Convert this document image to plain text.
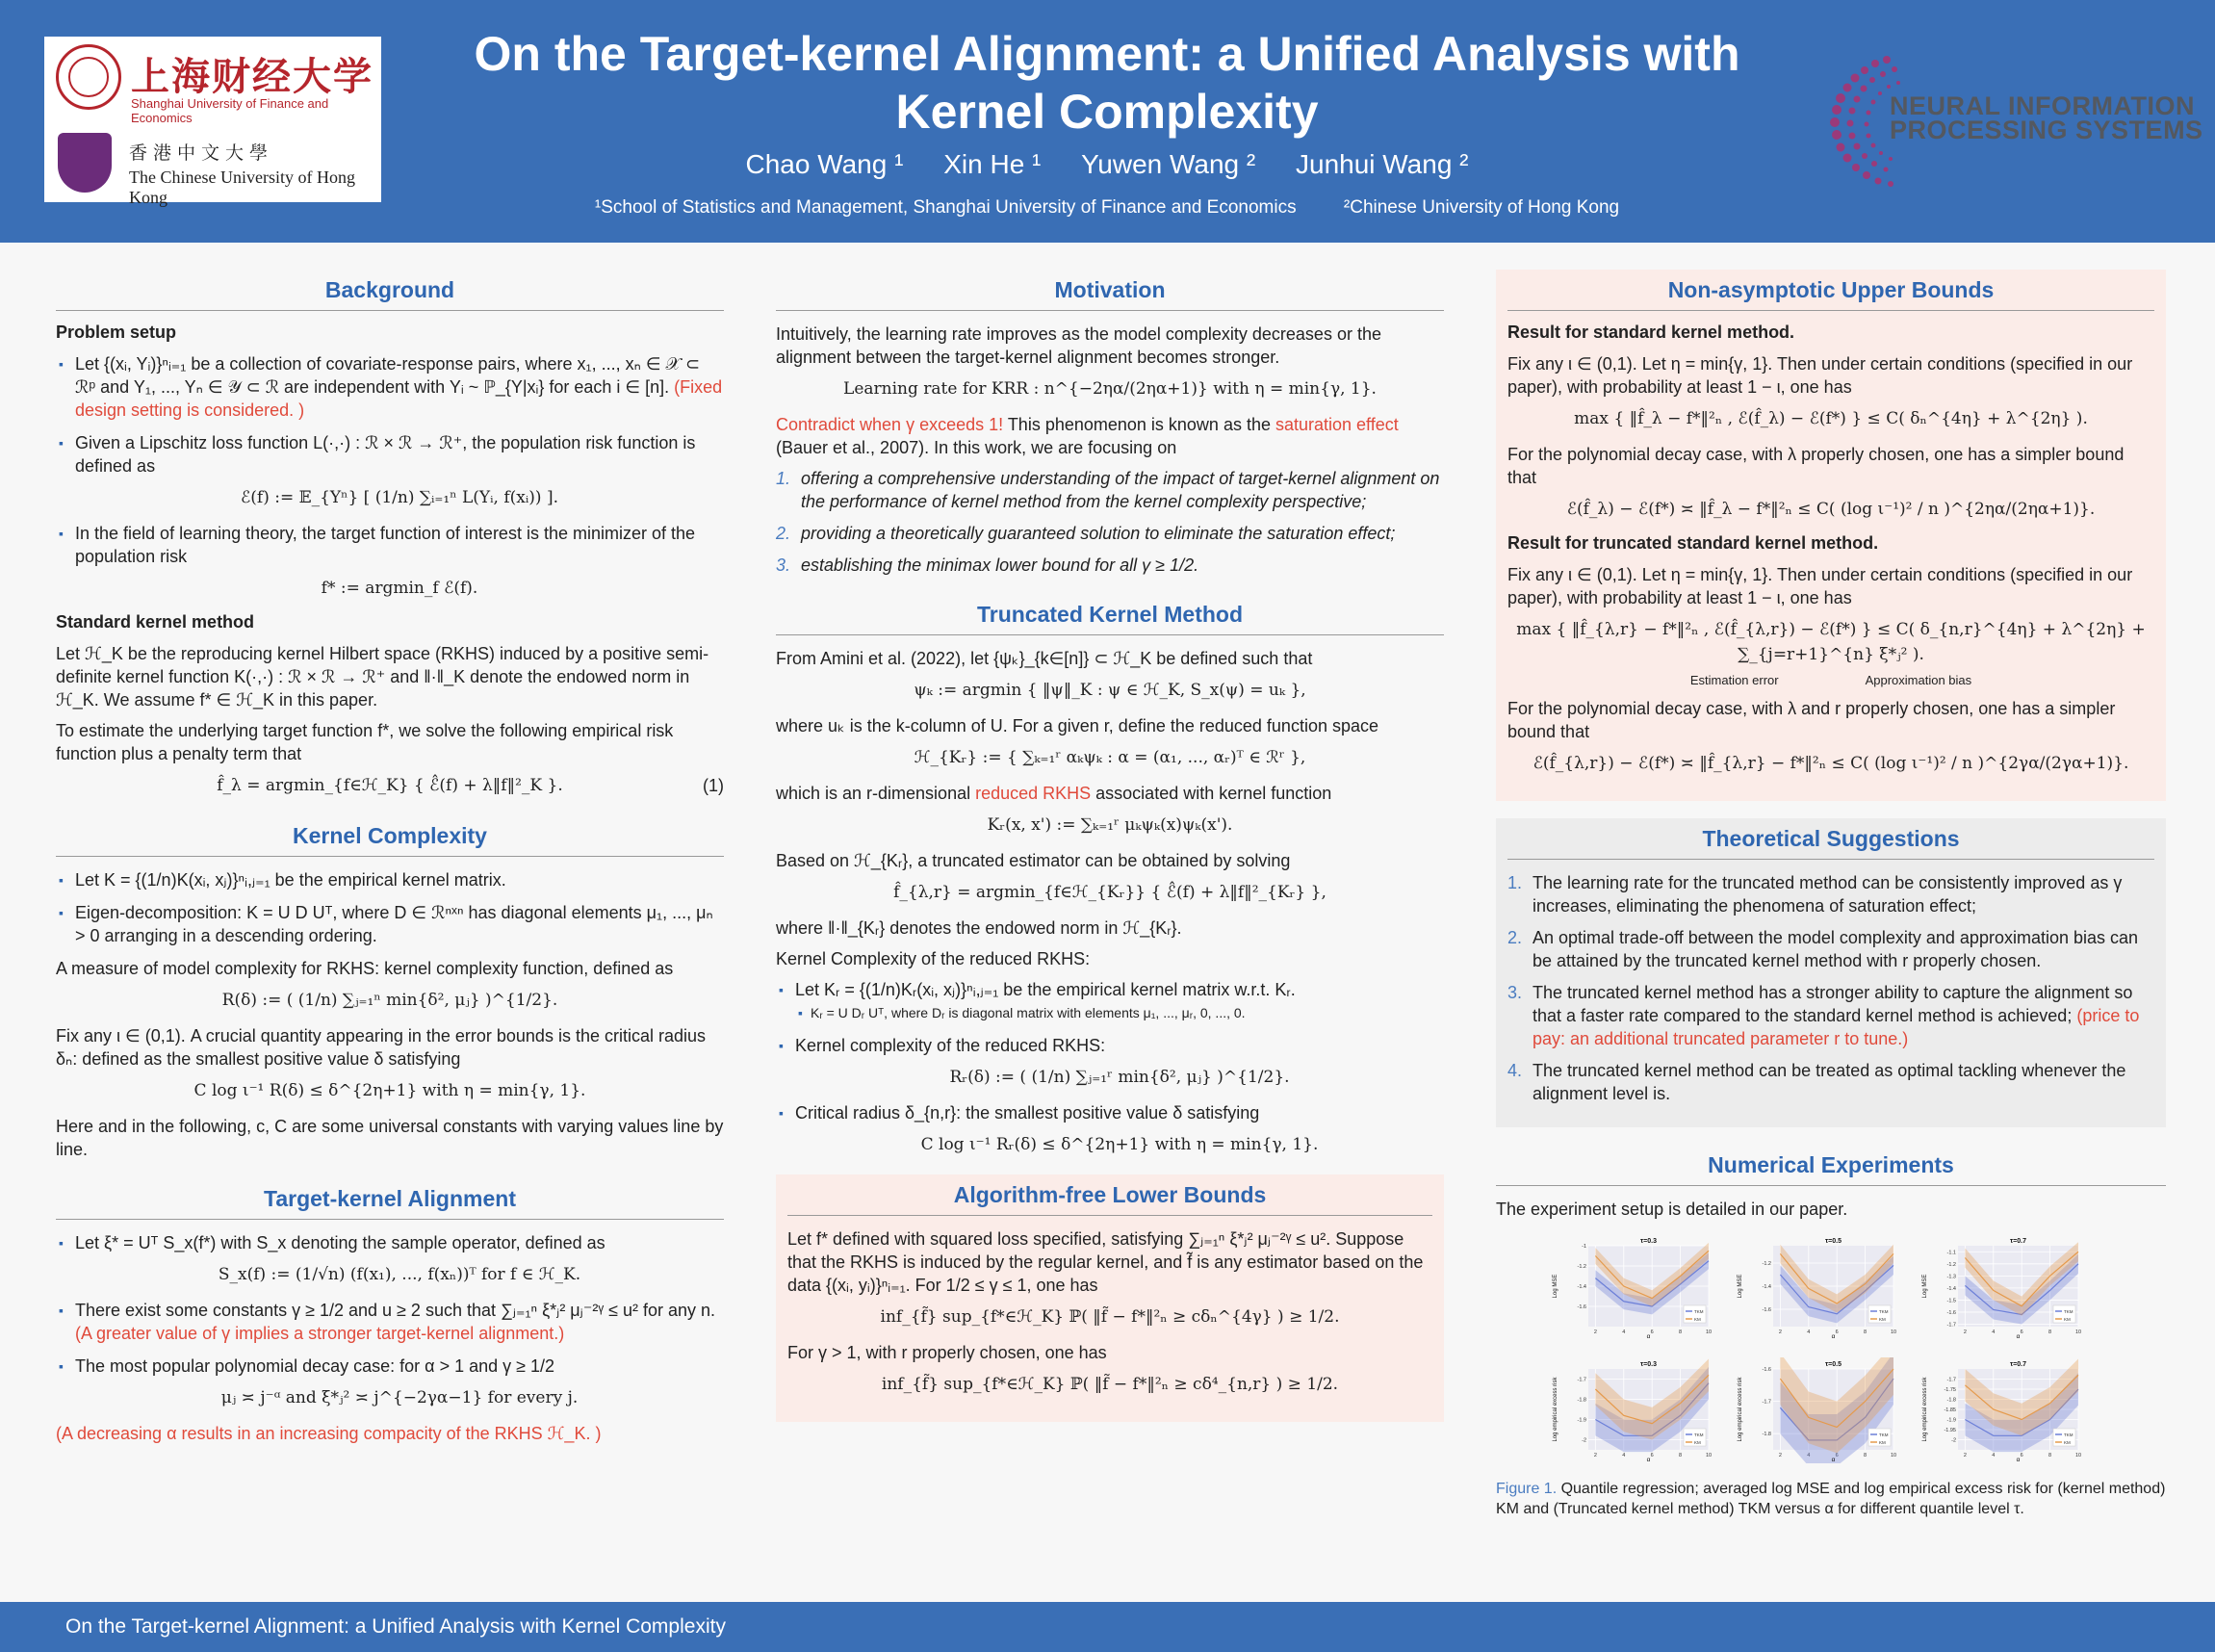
上海财经大学
Shanghai University of Finance and Economics
香港中文大學
The Chinese University of Hong Kong
On the Target-kernel Alignment: a Unified Analysis with
Kernel Complexity
Chao Wang ¹ Xin He ¹ Yuwen Wang ² Junhui Wang ²
¹School of Statistics and Management, Shanghai University of Finance and Economics	²Chinese University of Hong Kong
NEURAL INFORMATION
PROCESSING SYSTEMS
Background
Problem setup
▪ Let {(xᵢ, Yᵢ)}ⁿᵢ₌₁ be a collection of covariate-response pairs, where x₁, ..., xₙ ∈ 𝒳 ⊂ ℛᵖ and Y₁, ..., Yₙ ∈ 𝒴 ⊂ ℛ are independent with Yᵢ ~ ℙ_{Y|xᵢ} for each i ∈ [n]. (Fixed design setting is considered. )
▪ Given a Lipschitz loss function L(·,·) : ℛ × ℛ → ℛ⁺, the population risk function is defined as
ℰ(f) := 𝔼_{Yⁿ} [ (1/n) ∑ᵢ₌₁ⁿ L(Yᵢ, f(xᵢ)) ].
▪ In the field of learning theory, the target function of interest is the minimizer of the population risk
f* := argmin_f ℰ(f).
Standard kernel method

Let ℋ_K be the reproducing kernel Hilbert space (RKHS) induced by a positive semi-definite kernel function K(·,·) : ℛ × ℛ → ℛ⁺ and ‖·‖_K denote the endowed norm in ℋ_K. We assume f* ∈ ℋ_K in this paper.

To estimate the underlying target function f*, we solve the following empirical risk function plus a penalty term that

f̂_λ = argmin_{f∈ℋ_K} { ℰ̂(f) + λ‖f‖²_K }.	(1)
Kernel Complexity
▪ Let K = {(1/n)K(xᵢ, xⱼ)}ⁿᵢ,ⱼ₌₁ be the empirical kernel matrix.
▪ Eigen-decomposition: K = U D Uᵀ, where D ∈ ℛⁿˣⁿ has diagonal elements μ₁, ..., μₙ > 0 arranging in a descending ordering.

A measure of model complexity for RKHS: kernel complexity function, defined as

R(δ) := ( (1/n) ∑ⱼ₌₁ⁿ min{δ², μⱼ} )^{1/2}.

Fix any ι ∈ (0,1). A crucial quantity appearing in the error bounds is the critical radius δₙ: defined as the smallest positive value δ satisfying

C log ι⁻¹ R(δ) ≤ δ^{2η+1} with η = min{γ, 1}.

Here and in the following, c, C are some universal constants with varying values line by line.

Target-kernel Alignment
▪ Let ξ* = Uᵀ S_x(f*) with S_x denoting the sample operator, defined as
S_x(f) := (1/√n) (f(x₁), ..., f(xₙ))ᵀ for f ∈ ℋ_K.
▪ There exist some constants γ ≥ 1/2 and u ≥ 2 such that ∑ⱼ₌₁ⁿ ξ*ⱼ² μⱼ⁻²ᵞ ≤ u² for any n. (A greater value of γ implies a stronger target-kernel alignment.)
▪ The most popular polynomial decay case: for α > 1 and γ ≥ 1/2
μⱼ ≍ j⁻ᵅ and ξ*ⱼ² ≍ j^{−2γα−1} for every j.

(A decreasing α results in an increasing compacity of the RKHS ℋ_K. )

Motivation

Intuitively, the learning rate improves as the model complexity decreases or the alignment between the target-kernel alignment becomes stronger.

Learning rate for KRR : n^{−2ηα/(2ηα+1)} with η = min{γ, 1}.

Contradict when γ exceeds 1! This phenomenon is known as the saturation effect (Bauer et al., 2007). In this work, we are focusing on

1. offering a comprehensive understanding of the impact of target-kernel alignment on the performance of kernel method from the kernel complexity perspective;
2. providing a theoretically guaranteed solution to eliminate the saturation effect;
3. establishing the minimax lower bound for all γ ≥ 1/2.
Truncated Kernel Method

From Amini et al. (2022), let {ψₖ}_{k∈[n]} ⊂ ℋ_K be defined such that

ψₖ := argmin { ‖ψ‖_K : ψ ∈ ℋ_K, S_x(ψ) = uₖ },

where uₖ is the k-column of U. For a given r, define the reduced function space

ℋ_{Kᵣ} := { ∑ₖ₌₁ʳ αₖψₖ : α = (α₁, ..., αᵣ)ᵀ ∈ ℛʳ },

which is an r-dimensional reduced RKHS associated with kernel function

Kᵣ(x, x') := ∑ₖ₌₁ʳ μₖψₖ(x)ψₖ(x').

Based on ℋ_{Kᵣ}, a truncated estimator can be obtained by solving

f̂_{λ,r} = argmin_{f∈ℋ_{Kᵣ}} { ℰ̂(f) + λ‖f‖²_{Kᵣ} },

where ‖·‖_{Kᵣ} denotes the endowed norm in ℋ_{Kᵣ}.

Kernel Complexity of the reduced RKHS:

▪ Let Kᵣ = {(1/n)Kᵣ(xᵢ, xⱼ)}ⁿᵢ,ⱼ₌₁ be the empirical kernel matrix w.r.t. Kᵣ.
▪ Kᵣ = U Dᵣ Uᵀ, where Dᵣ is diagonal matrix with elements μ₁, ..., μᵣ, 0, ..., 0.
▪ Kernel complexity of the reduced RKHS:
Rᵣ(δ) := ( (1/n) ∑ⱼ₌₁ʳ min{δ², μⱼ} )^{1/2}.
▪ Critical radius δ_{n,r}: the smallest positive value δ satisfying
C log ι⁻¹ Rᵣ(δ) ≤ δ^{2η+1} with η = min{γ, 1}.
Algorithm-free Lower Bounds

Let f* defined with squared loss specified, satisfying ∑ⱼ₌₁ⁿ ξ*ⱼ² μⱼ⁻²ᵞ ≤ u². Suppose that the RKHS is induced by the regular kernel, and f̃ is any estimator based on the data {(xᵢ, yᵢ)}ⁿᵢ₌₁. For 1/2 ≤ γ ≤ 1, one has

inf_{f̃} sup_{f*∈ℋ_K} ℙ( ‖f̃ − f*‖²ₙ ≥ cδₙ^{4γ} ) ≥ 1/2.

For γ > 1, with r properly chosen, one has

inf_{f̃} sup_{f*∈ℋ_K} ℙ( ‖f̃ − f*‖²ₙ ≥ cδ⁴_{n,r} ) ≥ 1/2.
Non-asymptotic Upper Bounds
Result for standard kernel method.

Fix any ι ∈ (0,1). Let η = min{γ, 1}. Then under certain conditions (specified in our paper), with probability at least 1 − ι, one has

max { ‖f̂_λ − f*‖²ₙ , ℰ(f̂_λ) − ℰ(f*) } ≤ C( δₙ^{4η} + λ^{2η} ).

For the polynomial decay case, with λ properly chosen, one has a simpler bound that

ℰ(f̂_λ) − ℰ(f*) ≍ ‖f̂_λ − f*‖²ₙ ≤ C( (log ι⁻¹)² / n )^{2ηα/(2ηα+1)}.
Result for truncated standard kernel method.

Fix any ι ∈ (0,1). Let η = min{γ, 1}. Then under certain conditions (specified in our paper), with probability at least 1 − ι, one has

max { ‖f̂_{λ,r} − f*‖²ₙ , ℰ(f̂_{λ,r}) − ℰ(f*) } ≤ C( δ_{n,r}^{4η} + λ^{2η} + ∑_{j=r+1}^{n} ξ*ⱼ² ).
Estimation error	Approximation bias

For the polynomial decay case, with λ and r properly chosen, one has a simpler bound that

ℰ(f̂_{λ,r}) − ℰ(f*) ≍ ‖f̂_{λ,r} − f*‖²ₙ ≤ C( (log ι⁻¹)² / n )^{2γα/(2γα+1)}.
Theoretical Suggestions
1. The learning rate for the truncated method can be consistently improved as γ increases, eliminating the phenomena of saturation effect;
2. An optimal trade-off between the model complexity and approximation bias can be attained by the truncated kernel method with r properly chosen.
3. The truncated kernel method has a stronger ability to capture the alignment so that a faster rate compared to the standard kernel method is achieved; (price to pay: an additional truncated parameter r to tune.)
4. The truncated kernel method can be treated as optimal tackling whenever the alignment level is.
Numerical Experiments

The experiment setup is detailed in our paper.

-1
-1.2
-1.4
-1.6
2	4	6	8	10
τ=0.3
α
Log MSE
TKM
KM
-1.2
-1.4
-1.6
2	4	6	8	10
τ=0.5
α
Log MSE
TKM
KM
-1.1
-1.2
-1.3
-1.4
-1.5
-1.6
-1.7
2	4	6	8	10
τ=0.7
α
Log MSE
TKM
KM
-1.7
-1.8
-1.9
-2
2	4	6	8	10
τ=0.3
α
Log empirical excess risk	TKM
KM
-1.6
-1.7
-1.8
2	4	6	8	10
τ=0.5
α
Log empirical excess risk	TKM
KM
-1.7
-1.75
-1.8
-1.85
-1.9
-1.95
-2
2	4	6	8	10
τ=0.7
α
Log empirical excess risk	TKM
KM

Figure 1. Quantile regression; averaged log MSE and log empirical excess risk for (kernel method) KM and (Truncated kernel method) TKM versus α for different quantile level τ.

On the Target-kernel Alignment: a Unified Analysis with Kernel Complexity
